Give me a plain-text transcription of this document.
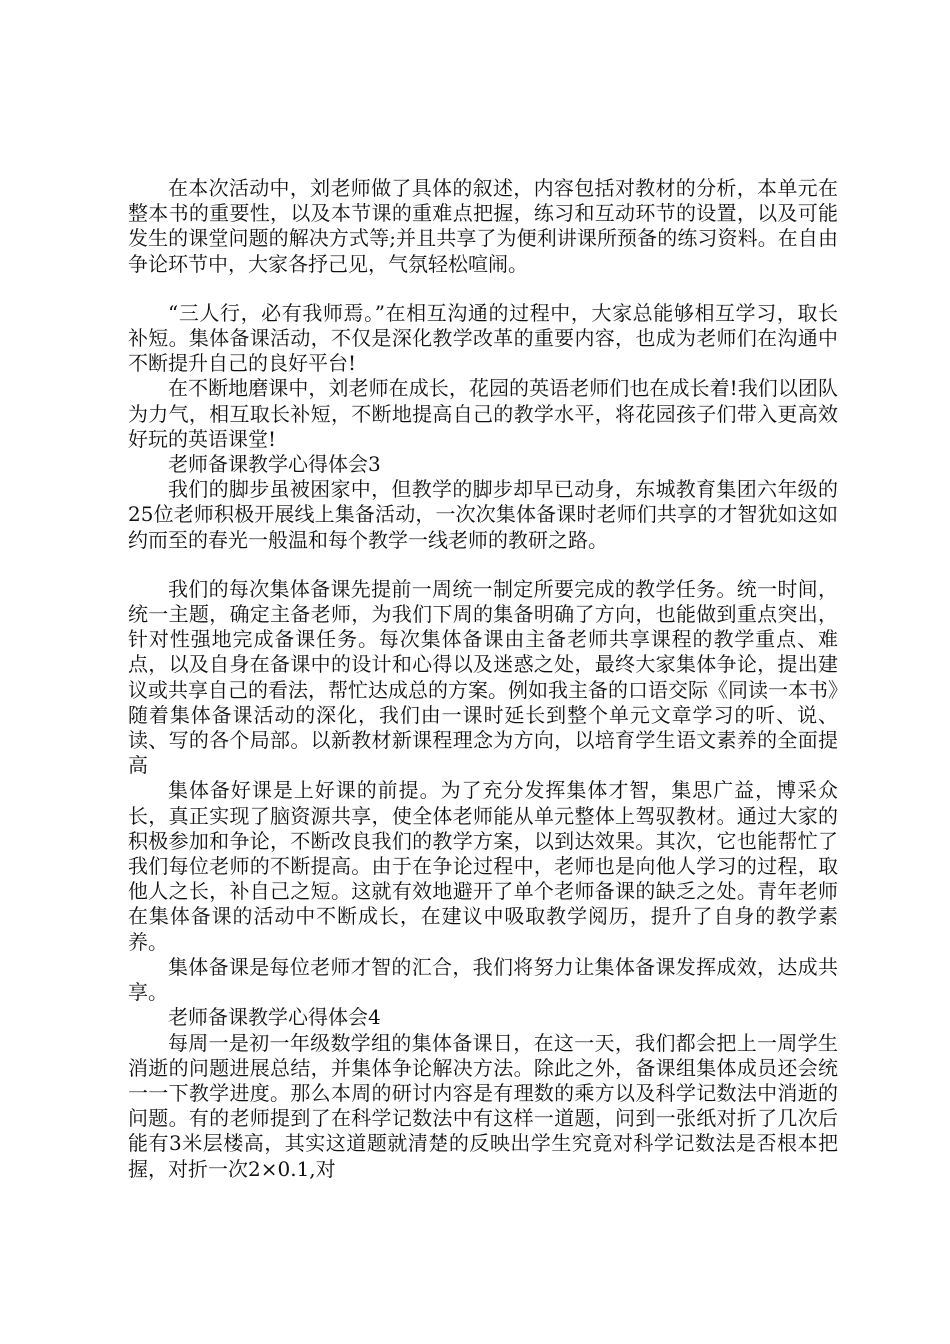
在本次活动中，刘老师做了具体的叙述，内容包括对教材的分析，本单元在整本书的重要性，以及本节课的重难点把握，练习和互动环节的设置，以及可能发生的课堂问题的解决方式等;并且共享了为便利讲课所预备的练习资料。在自由争论环节中，大家各抒己见，气氛轻松喧闹。

“三人行，必有我师焉。”在相互沟通的过程中，大家总能够相互学习，取长补短。集体备课活动，不仅是深化教学改革的重要内容，也成为老师们在沟通中不断提升自己的良好平台!

在不断地磨课中，刘老师在成长，花园的英语老师们也在成长着!我们以团队为力气，相互取长补短，不断地提高自己的教学水平，将花园孩子们带入更高效好玩的英语课堂!

老师备课教学心得体会3

我们的脚步虽被困家中，但教学的脚步却早已动身，东城教育集团六年级的25位老师积极开展线上集备活动，一次次集体备课时老师们共享的才智犹如这如约而至的春光一般温和每个教学一线老师的教研之路。

我们的每次集体备课先提前一周统一制定所要完成的教学任务。统一时间，统一主题，确定主备老师，为我们下周的集备明确了方向，也能做到重点突出，针对性强地完成备课任务。每次集体备课由主备老师共享课程的教学重点、难点，以及自身在备课中的设计和心得以及迷惑之处，最终大家集体争论，提出建议或共享自己的看法，帮忙达成总的方案。例如我主备的口语交际《同读一本书》随着集体备课活动的深化，我们由一课时延长到整个单元文章学习的听、说、读、写的各个局部。以新教材新课程理念为方向，以培育学生语文素养的全面提高

集体备好课是上好课的前提。为了充分发挥集体才智，集思广益，博采众长，真正实现了脑资源共享，使全体老师能从单元整体上驾驭教材。通过大家的积极参加和争论，不断改良我们的教学方案，以到达效果。其次，它也能帮忙了我们每位老师的不断提高。由于在争论过程中，老师也是向他人学习的过程，取他人之长，补自己之短。这就有效地避开了单个老师备课的缺乏之处。青年老师在集体备课的活动中不断成长，在建议中吸取教学阅历，提升了自身的教学素养。

集体备课是每位老师才智的汇合，我们将努力让集体备课发挥成效，达成共享。

老师备课教学心得体会4

每周一是初一年级数学组的集体备课日，在这一天，我们都会把上一周学生消逝的问题进展总结，并集体争论解决方法。除此之外，备课组集体成员还会统一一下教学进度。那么本周的研讨内容是有理数的乘方以及科学记数法中消逝的问题。有的老师提到了在科学记数法中有这样一道题，问到一张纸对折了几次后能有3米层楼高，其实这道题就清楚的反映出学生究竟对科学记数法是否根本把握，对折一次2×0.1,对
